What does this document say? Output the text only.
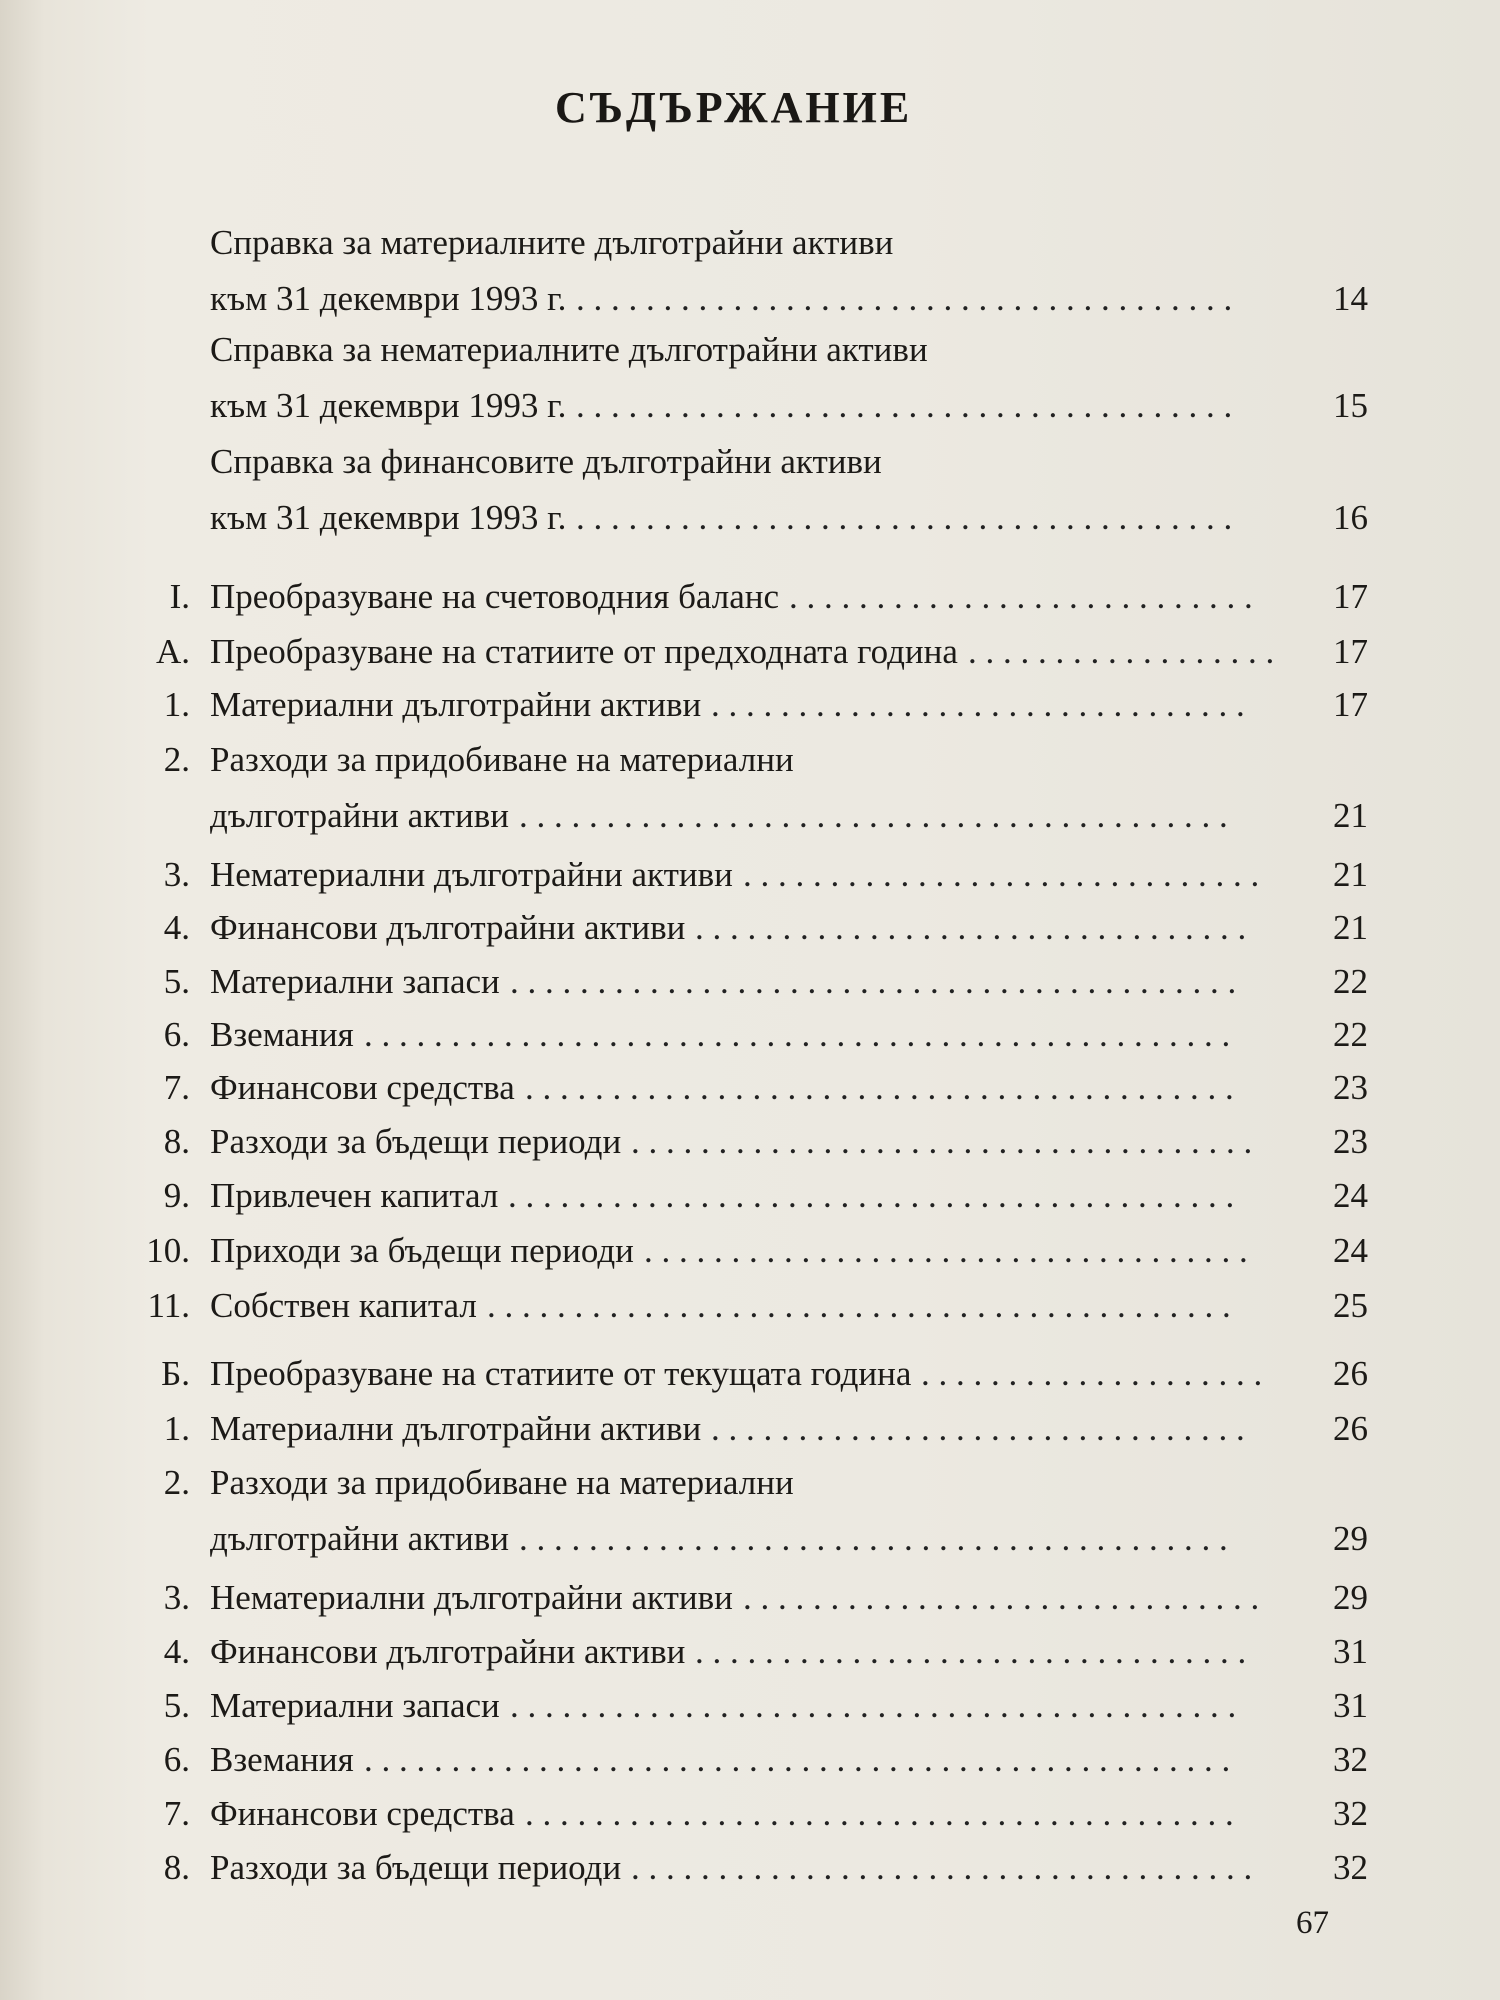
СЪДЪРЖАНИЕ
Справка за материалните дълготрайни активи
към 31 декември 1993 г. . . . . . . . . . . . . . . . . . . . . . . . . . . . . . . . . . . . . . .	14
Справка за нематериалните дълготрайни активи
към 31 декември 1993 г. . . . . . . . . . . . . . . . . . . . . . . . . . . . . . . . . . . . . . .	15
Справка за финансовите дълготрайни активи
към 31 декември 1993 г. . . . . . . . . . . . . . . . . . . . . . . . . . . . . . . . . . . . . . .	16
I. Преобразуване на счетоводния баланс . . . . . . . . . . . . . . . . . . . . . . . . . . .	17
А. Преобразуване на статиите от предходната година . . . . . . . . . . . . . . . . . .	17
1. Материални дълготрайни активи . . . . . . . . . . . . . . . . . . . . . . . . . . . . . . .	17
2. Разходи за придобиване на материални
дълготрайни активи . . . . . . . . . . . . . . . . . . . . . . . . . . . . . . . . . . . . . . . . .	21
3. Нематериални дълготрайни активи . . . . . . . . . . . . . . . . . . . . . . . . . . . . . .	21
4. Финансови дълготрайни активи . . . . . . . . . . . . . . . . . . . . . . . . . . . . . . . .	21
5. Материални запаси . . . . . . . . . . . . . . . . . . . . . . . . . . . . . . . . . . . . . . . . . .	22
6. Вземания . . . . . . . . . . . . . . . . . . . . . . . . . . . . . . . . . . . . . . . . . . . . . . . . . .	22
7. Финансови средства . . . . . . . . . . . . . . . . . . . . . . . . . . . . . . . . . . . . . . . . .	23
8. Разходи за бъдещи периоди . . . . . . . . . . . . . . . . . . . . . . . . . . . . . . . . . . . .	23
9. Привлечен капитал . . . . . . . . . . . . . . . . . . . . . . . . . . . . . . . . . . . . . . . . . .	24
10. Приходи за бъдещи периоди . . . . . . . . . . . . . . . . . . . . . . . . . . . . . . . . . . .	24
11. Собствен капитал . . . . . . . . . . . . . . . . . . . . . . . . . . . . . . . . . . . . . . . . . . .	25
Б. Преобразуване на статиите от текущата година . . . . . . . . . . . . . . . . . . . .	26
1. Материални дълготрайни активи . . . . . . . . . . . . . . . . . . . . . . . . . . . . . . .	26
2. Разходи за придобиване на материални
дълготрайни активи . . . . . . . . . . . . . . . . . . . . . . . . . . . . . . . . . . . . . . . . .	29
3. Нематериални дълготрайни активи . . . . . . . . . . . . . . . . . . . . . . . . . . . . . .	29
4. Финансови дълготрайни активи . . . . . . . . . . . . . . . . . . . . . . . . . . . . . . . .	31
5. Материални запаси . . . . . . . . . . . . . . . . . . . . . . . . . . . . . . . . . . . . . . . . . .	31
6. Вземания . . . . . . . . . . . . . . . . . . . . . . . . . . . . . . . . . . . . . . . . . . . . . . . . . .	32
7. Финансови средства . . . . . . . . . . . . . . . . . . . . . . . . . . . . . . . . . . . . . . . . .	32
8. Разходи за бъдещи периоди . . . . . . . . . . . . . . . . . . . . . . . . . . . . . . . . . . . .	32
67
